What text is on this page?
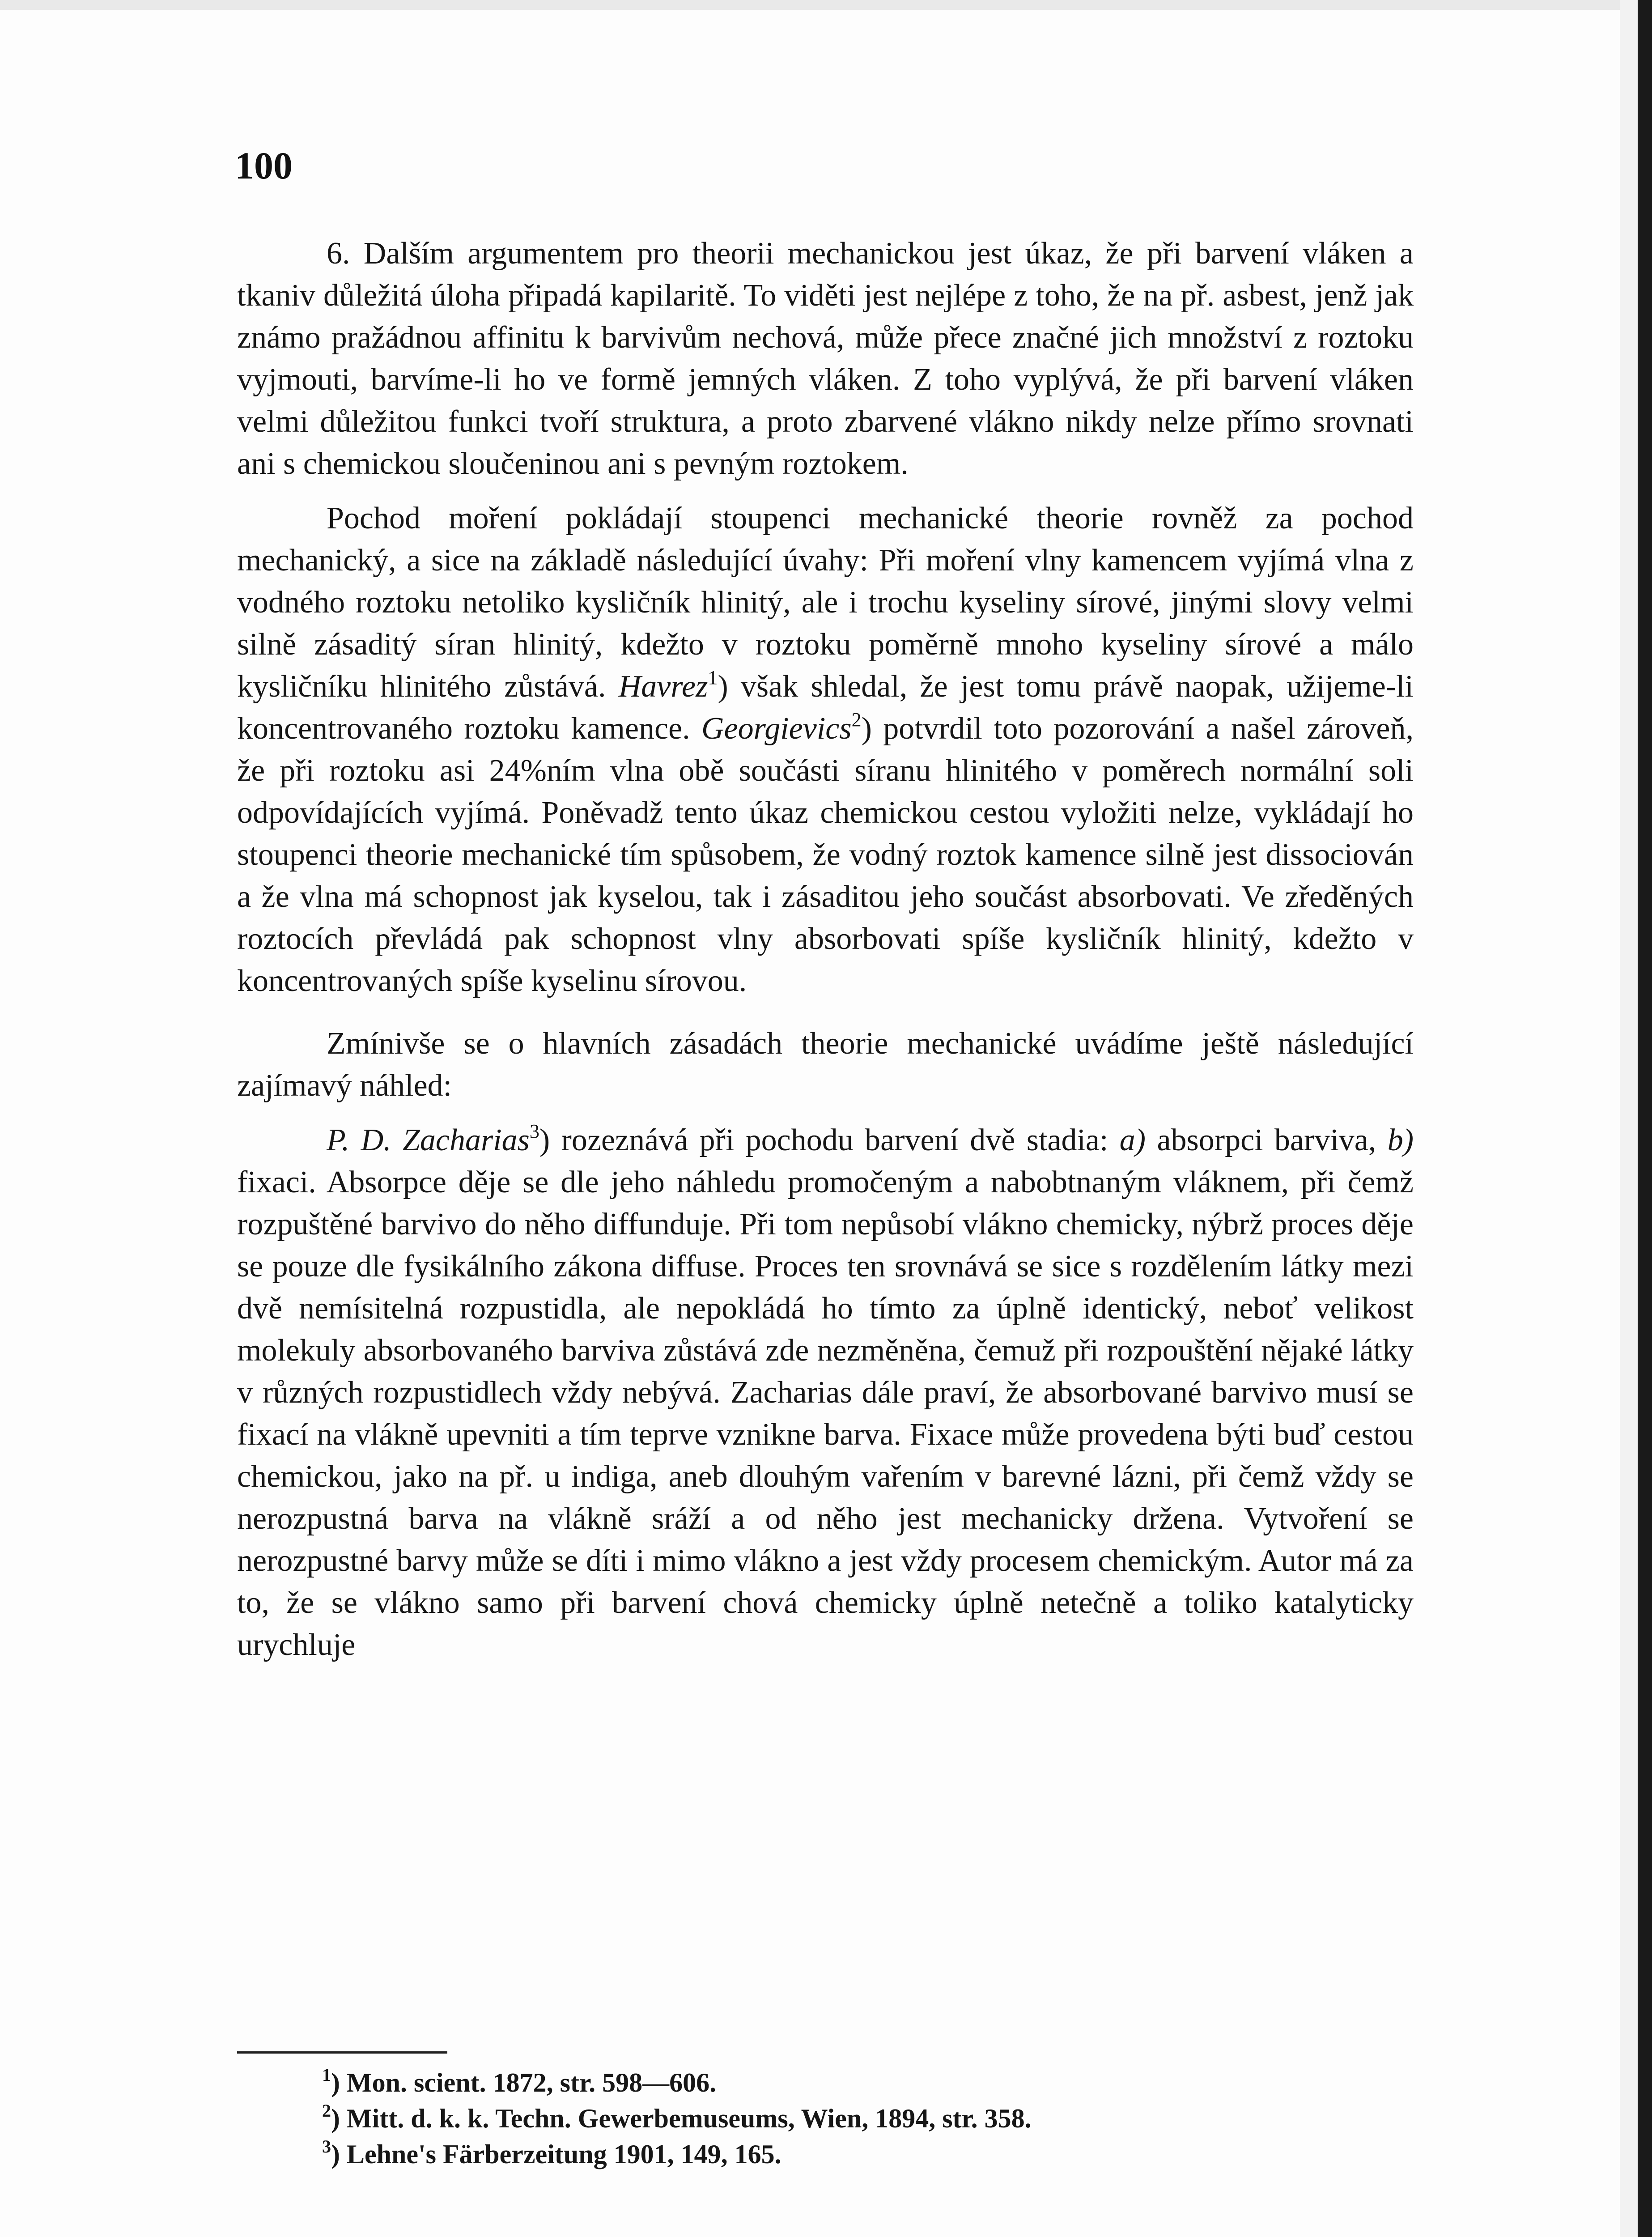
100

6. Dalším argumentem pro theorii mechanickou jest úkaz, že při barvení vláken a tkaniv důležitá úloha připadá kapilaritě. To viděti jest nejlépe z toho, že na př. asbest, jenž jak známo pražádnou affinitu k barvivům nechová, může přece značné jich množství z roztoku vyjmouti, barvíme-li ho ve formě jemných vláken. Z toho vyplývá, že při barvení vláken velmi důležitou funkci tvoří struktura, a proto zbarvené vlákno nikdy nelze přímo srovnati ani s chemickou sloučeninou ani s pevným roztokem.

Pochod moření pokládají stoupenci mechanické theorie rovněž za pochod mechanický, a sice na základě následující úvahy: Při moření vlny kamencem vyjímá vlna z vodného roztoku netoliko kysličník hlinitý, ale i trochu kyseliny sírové, jinými slovy velmi silně zásaditý síran hlinitý, kdežto v roztoku poměrně mnoho kyseliny sírové a málo kysličníku hlinitého zůstává. Havrez$^1$) však shledal, že jest tomu právě naopak, užijeme-li koncentrovaného roztoku kamence. Georgievics$^2$) potvrdil toto pozorování a našel zároveň, že při roztoku asi 24%ním vlna obě součásti síranu hlinitého v poměrech normální soli odpovídajících vyjímá. Poněvadž tento úkaz chemickou cestou vyložiti nelze, vykládají ho stoupenci theorie mechanické tím spůsobem, že vodný roztok kamence silně jest dissociován a že vlna má schopnost jak kyselou, tak i zásaditou jeho součást absorbovati. Ve zředěných roztocích převládá pak schopnost vlny absorbovati spíše kysličník hlinitý, kdežto v koncentrovaných spíše kyselinu sírovou.

Zmínivše se o hlavních zásadách theorie mechanické uvádíme ještě následující zajímavý náhled:

P. D. Zacharias$^3$) rozeznává při pochodu barvení dvě stadia: a) absorpci barviva, b) fixaci. Absorpce děje se dle jeho náhledu promočeným a nabobtnaným vláknem, při čemž rozpuštěné barvivo do něho diffunduje. Při tom nepůsobí vlákno chemicky, nýbrž proces děje se pouze dle fysikálního zákona diffuse. Proces ten srovnává se sice s rozdělením látky mezi dvě nemísitelná rozpustidla, ale nepokládá ho tímto za úplně identický, neboť velikost molekuly absorbovaného barviva zůstává zde nezměněna, čemuž při rozpouštění nějaké látky v různých rozpustidlech vždy nebývá. Zacharias dále praví, že absorbované barvivo musí se fixací na vlákně upevniti a tím teprve vznikne barva. Fixace může provedena býti buď cestou chemickou, jako na př. u indiga, aneb dlouhým vařením v barevné lázni, při čemž vždy se nerozpustná barva na vlákně sráží a od něho jest mechanicky držena. Vytvoření se nerozpustné barvy může se díti i mimo vlákno a jest vždy procesem chemickým. Autor má za to, že se vlákno samo při barvení chová chemicky úplně netečně a toliko katalyticky urychluje

$^1$) Mon. scient. 1872, str. 598—606.
$^2$) Mitt. d. k. k. Techn. Gewerbemuseums, Wien, 1894, str. 358.
$^3$) Lehne's Färberzeitung 1901, 149, 165.
